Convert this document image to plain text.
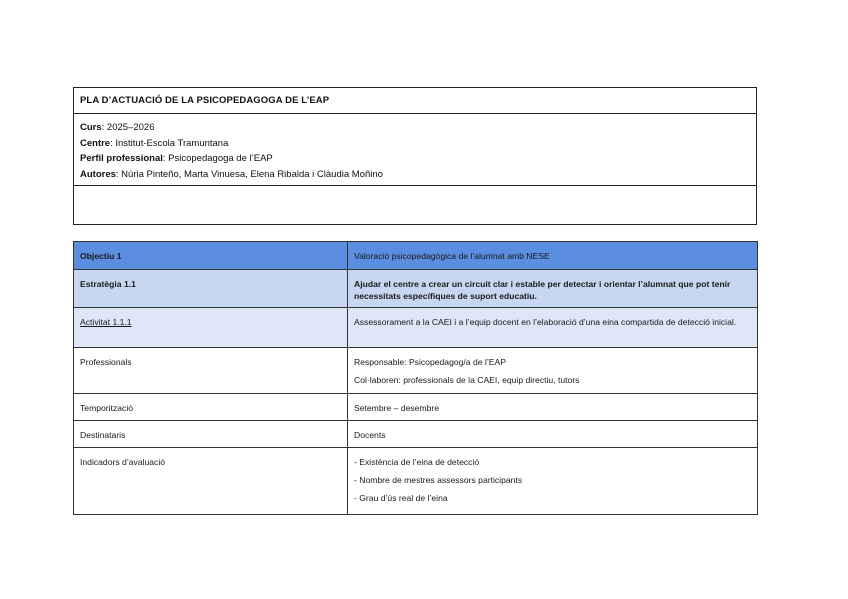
PLA D’ACTUACIÓ DE LA PSICOPEDAGOGA DE L’EAP
Curs: 2025–2026
Centre: Institut-Escola Tramuntana
Perfil professional: Psicopedagoga de l’EAP
Autores: Núria Pinteño, Marta Vinuesa, Elena Ribalda i Clàudia Moñino
Objectiu 1	Valoració psicopedagògica de l’alumnat amb NESE
Estratègia 1.1	Ajudar el centre a crear un circuit clar i estable per detectar i orientar l’alumnat que pot tenir necessitats específiques de suport educatiu.
Activitat 1.1.1	Assessorament a la CAEI i a l’equip docent en l’elaboració d’una eina compartida de detecció inicial.
Professionals	Responsable: Psicopedagog/a de l’EAP
Col·laboren: professionals de la CAEI, equip directiu, tutors

Temporització	Setembre – desembre
Destinataris	Docents
Indicadors d’avaluació	- Existència de l’eina de detecció
- Nombre de mestres assessors participants
- Grau d’ús real de l’eina
